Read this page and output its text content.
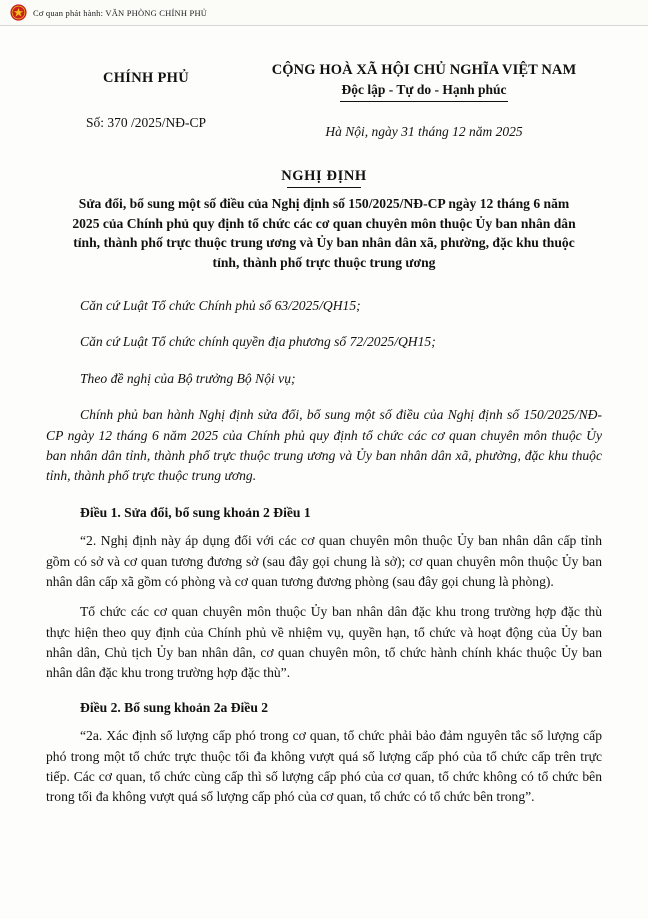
Cơ quan phát hành: VĂN PHÒNG CHÍNH PHỦ
CHÍNH PHỦ
Số: 370 /2025/NĐ-CP
CỘNG HOÀ XÃ HỘI CHỦ NGHĨA VIỆT NAM
Độc lập - Tự do - Hạnh phúc
Hà Nội, ngày 31 tháng 12 năm 2025
NGHỊ ĐỊNH
Sửa đổi, bổ sung một số điều của Nghị định số 150/2025/NĐ-CP ngày 12 tháng 6 năm 2025 của Chính phủ quy định tổ chức các cơ quan chuyên môn thuộc Ủy ban nhân dân tỉnh, thành phố trực thuộc trung ương và Ủy ban nhân dân xã, phường, đặc khu thuộc tỉnh, thành phố trực thuộc trung ương

Căn cứ Luật Tổ chức Chính phủ số 63/2025/QH15;

Căn cứ Luật Tổ chức chính quyền địa phương số 72/2025/QH15;

Theo đề nghị của Bộ trưởng Bộ Nội vụ;

Chính phủ ban hành Nghị định sửa đổi, bổ sung một số điều của Nghị định số 150/2025/NĐ-CP ngày 12 tháng 6 năm 2025 của Chính phủ quy định tổ chức các cơ quan chuyên môn thuộc Ủy ban nhân dân tỉnh, thành phố trực thuộc trung ương và Ủy ban nhân dân xã, phường, đặc khu thuộc tỉnh, thành phố trực thuộc trung ương.

Điều 1. Sửa đổi, bổ sung khoản 2 Điều 1

“2. Nghị định này áp dụng đối với các cơ quan chuyên môn thuộc Ủy ban nhân dân cấp tỉnh gồm có sở và cơ quan tương đương sở (sau đây gọi chung là sở); cơ quan chuyên môn thuộc Ủy ban nhân dân cấp xã gồm có phòng và cơ quan tương đương phòng (sau đây gọi chung là phòng).

Tổ chức các cơ quan chuyên môn thuộc Ủy ban nhân dân đặc khu trong trường hợp đặc thù thực hiện theo quy định của Chính phủ về nhiệm vụ, quyền hạn, tổ chức và hoạt động của Ủy ban nhân dân, Chủ tịch Ủy ban nhân dân, cơ quan chuyên môn, tổ chức hành chính khác thuộc Ủy ban nhân dân đặc khu trong trường hợp đặc thù”.

Điều 2. Bổ sung khoản 2a Điều 2

“2a. Xác định số lượng cấp phó trong cơ quan, tổ chức phải bảo đảm nguyên tắc số lượng cấp phó trong một tổ chức trực thuộc tối đa không vượt quá số lượng cấp phó của tổ chức cấp trên trực tiếp. Các cơ quan, tổ chức cùng cấp thì số lượng cấp phó của cơ quan, tổ chức không có tổ chức bên trong tối đa không vượt quá số lượng cấp phó của cơ quan, tổ chức có tổ chức bên trong”.
